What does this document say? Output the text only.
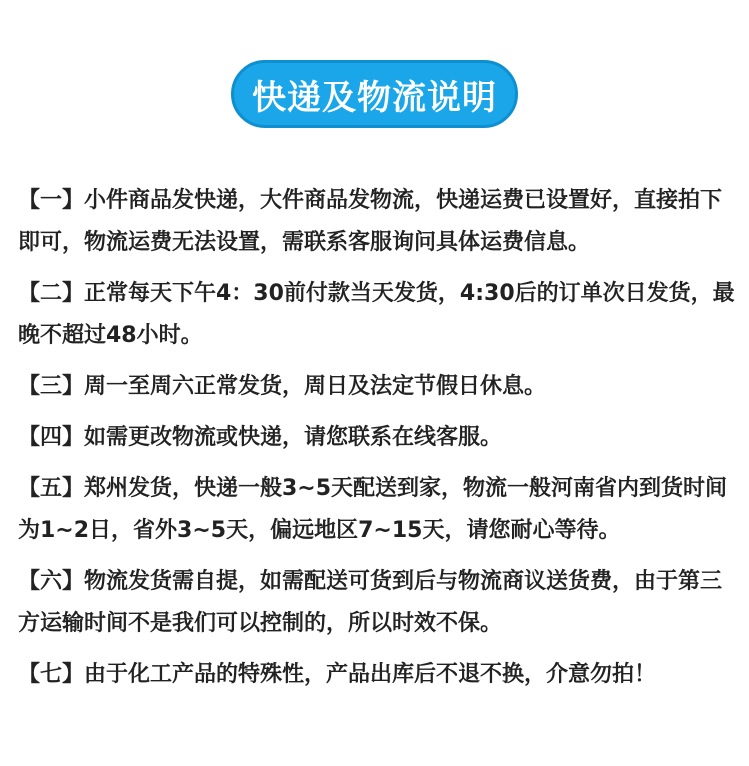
快递及物流说明

【一】小件商品发快递，大件商品发物流，快递运费已设置好，直接拍下即可，物流运费无法设置，需联系客服询问具体运费信息。

【二】正常每天下午4：30前付款当天发货，4:30后的订单次日发货，最晚不超过48小时。

【三】周一至周六正常发货，周日及法定节假日休息。

【四】如需更改物流或快递，请您联系在线客服。

【五】郑州发货，快递一般3~5天配送到家，物流一般河南省内到货时间为1~2日，省外3~5天，偏远地区7~15天，请您耐心等待。

【六】物流发货需自提，如需配送可货到后与物流商议送货费，由于第三方运输时间不是我们可以控制的，所以时效不保。

【七】由于化工产品的特殊性，产品出库后不退不换，介意勿拍！
